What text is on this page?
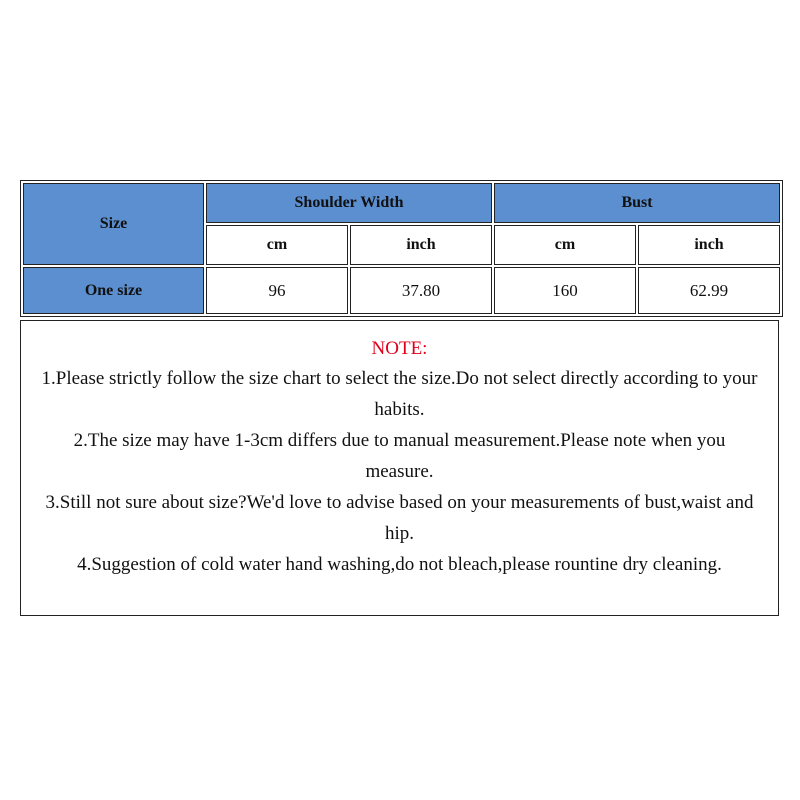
Size	Shoulder Width		Bust	
	cm	inch	cm	inch
One size	96	37.80	160	62.99

NOTE:

1.Please strictly follow the size chart to select the size.Do not select directly according to your habits.

2.The size may have 1-3cm differs due to manual measurement.Please note when you measure.

3.Still not sure about size?We'd love to advise based on your measurements of bust,waist and hip.

4.Suggestion of cold water hand washing,do not bleach,please rountine dry cleaning.
